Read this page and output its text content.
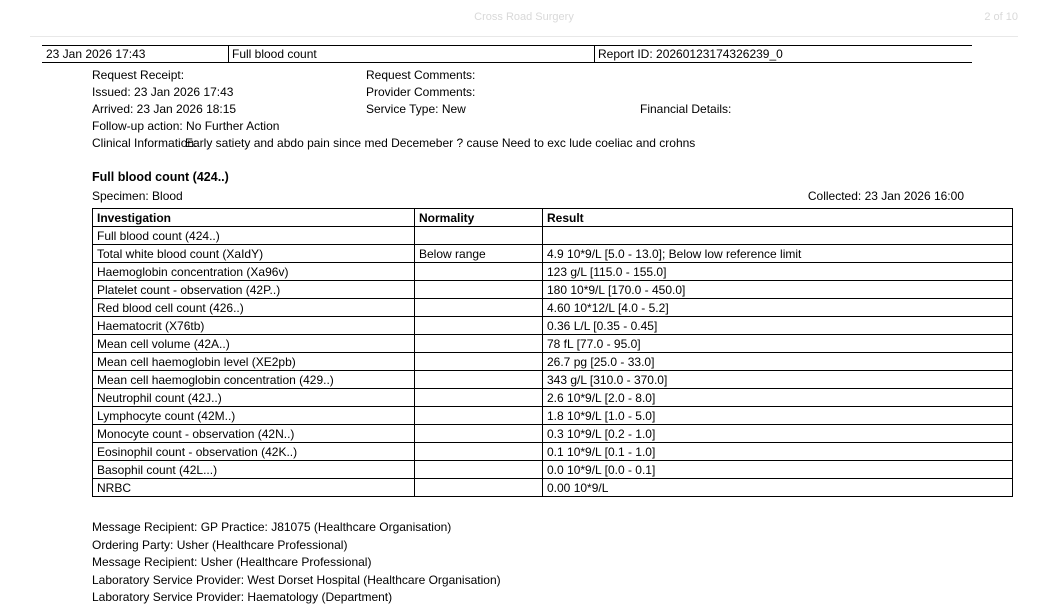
Cross Road Surgery	2 of 10
23 Jan 2026 17:43	Full blood count	Report ID: 20260123174326239_0
Request Receipt:
Issued: 23 Jan 2026 17:43
Arrived: 23 Jan 2026 18:15
Follow-up action: No Further Action
Request Comments:
Provider Comments:
Service Type: New	Financial Details:
Clinical Information:
Early satiety and abdo pain since med Decemeber ? cause Need to exc lude coeliac and crohns
Full blood count (424..)
Specimen: Blood	Collected: 23 Jan 2026 16:00
Investigation	Normality	Result
Full blood count (424..)		
Total white blood count (XaIdY)	Below range	4.9 10*9/L [5.0 - 13.0]; Below low reference limit
Haemoglobin concentration (Xa96v)		123 g/L [115.0 - 155.0]
Platelet count - observation (42P..)		180 10*9/L [170.0 - 450.0]
Red blood cell count (426..)		4.60 10*12/L [4.0 - 5.2]
Haematocrit (X76tb)		0.36 L/L [0.35 - 0.45]
Mean cell volume (42A..)		78 fL [77.0 - 95.0]
Mean cell haemoglobin level (XE2pb)		26.7 pg [25.0 - 33.0]
Mean cell haemoglobin concentration (429..)		343 g/L [310.0 - 370.0]
Neutrophil count (42J..)		2.6 10*9/L [2.0 - 8.0]
Lymphocyte count (42M..)		1.8 10*9/L [1.0 - 5.0]
Monocyte count - observation (42N..)		0.3 10*9/L [0.2 - 1.0]
Eosinophil count - observation (42K..)		0.1 10*9/L [0.1 - 1.0]
Basophil count (42L...)		0.0 10*9/L [0.0 - 0.1]
NRBC		0.00 10*9/L
Message Recipient: GP Practice: J81075 (Healthcare Organisation)
Ordering Party: Usher (Healthcare Professional)
Message Recipient: Usher (Healthcare Professional)
Laboratory Service Provider: West Dorset Hospital (Healthcare Organisation)
Laboratory Service Provider: Haematology (Department)
